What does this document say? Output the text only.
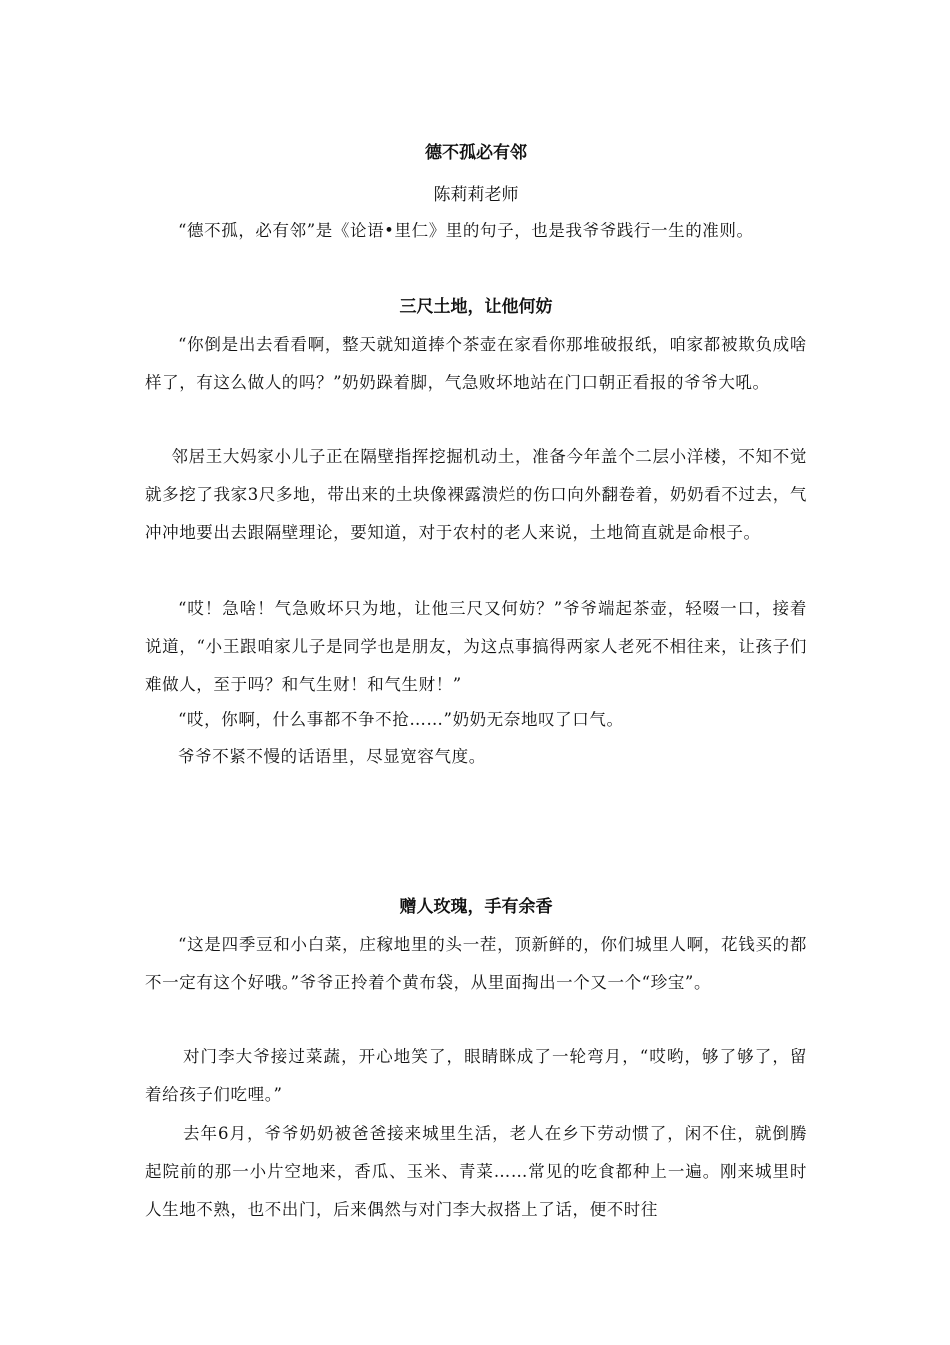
德不孤必有邻

陈莉莉老师

“德不孤，必有邻”是《论语•里仁》里的句子，也是我爷爷践行一生的准则。

三尺土地，让他何妨

“你倒是出去看看啊，整天就知道捧个茶壶在家看你那堆破报纸，咱家都被欺负成啥样了，有这么做人的吗？”奶奶跺着脚，气急败坏地站在门口朝正看报的爷爷大吼。

邻居王大妈家小儿子正在隔壁指挥挖掘机动土，准备今年盖个二层小洋楼，不知不觉就多挖了我家3尺多地，带出来的土块像裸露溃烂的伤口向外翻卷着，奶奶看不过去，气冲冲地要出去跟隔壁理论，要知道，对于农村的老人来说，土地简直就是命根子。

“哎！急啥！气急败坏只为地，让他三尺又何妨？”爷爷端起茶壶，轻啜一口，接着说道，“小王跟咱家儿子是同学也是朋友，为这点事搞得两家人老死不相往来，让孩子们难做人，至于吗？和气生财！和气生财！”

“哎，你啊，什么事都不争不抢……”奶奶无奈地叹了口气。

爷爷不紧不慢的话语里，尽显宽容气度。

赠人玫瑰，手有余香

“这是四季豆和小白菜，庄稼地里的头一茬，顶新鲜的，你们城里人啊，花钱买的都不一定有这个好哦。”爷爷正拎着个黄布袋，从里面掏出一个又一个“珍宝”。

对门李大爷接过菜蔬，开心地笑了，眼睛眯成了一轮弯月，“哎哟，够了够了，留着给孩子们吃哩。”

去年6月，爷爷奶奶被爸爸接来城里生活，老人在乡下劳动惯了，闲不住，就倒腾起院前的那一小片空地来，香瓜、玉米、青菜……常见的吃食都种上一遍。刚来城里时人生地不熟，也不出门，后来偶然与对门李大叔搭上了话，便不时往
